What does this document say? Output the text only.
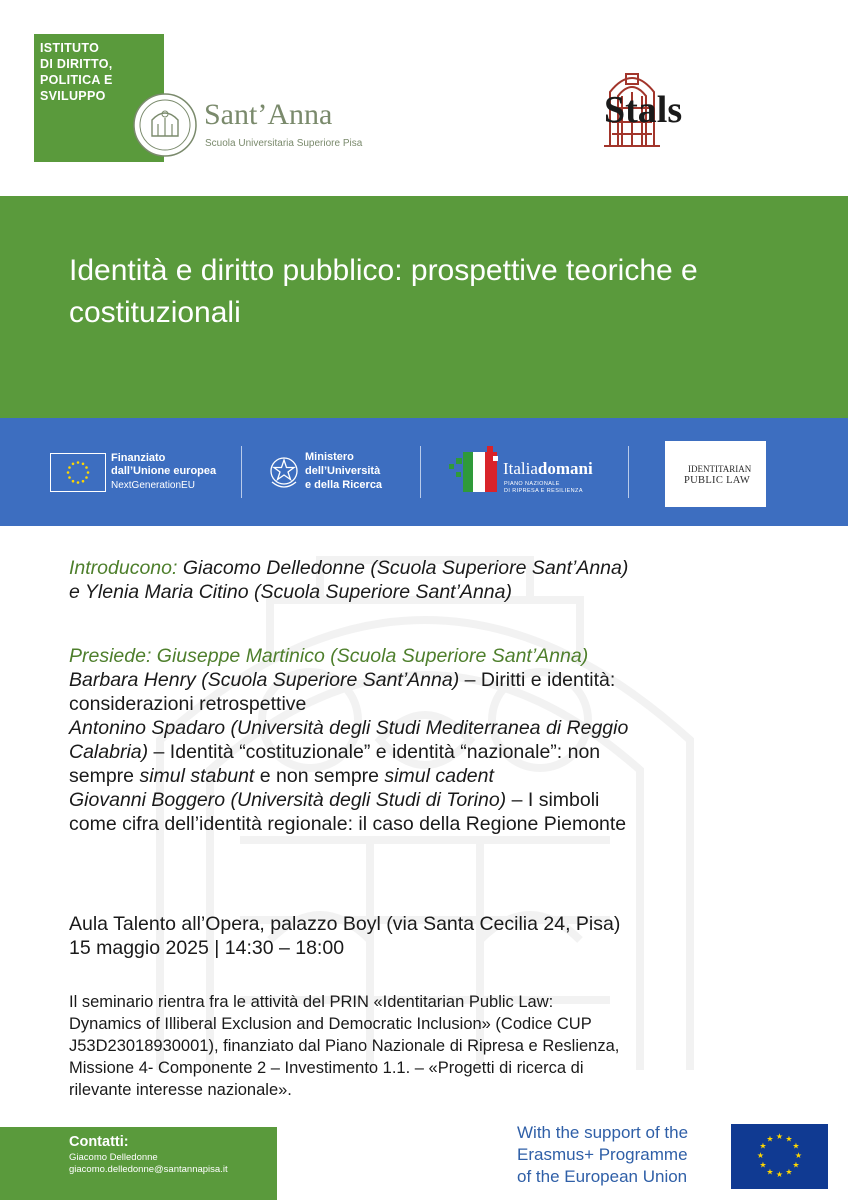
ISTITUTO
DI DIRITTO,
POLITICA E
SVILUPPO
Sant’Anna
Scuola Universitaria Superiore Pisa
Stals
Identità e diritto pubblico: prospettive teoriche e costituzionali
Finanziato
dall’Unione europea
NextGenerationEU
Ministero
dell’Università
e della Ricerca
Italiadomani
PIANO NAZIONALE
DI RIPRESA E RESILIENZA
IDENTITARIAN
PUBLIC LAW
Introducono: Giacomo Delledonne (Scuola Superiore Sant’Anna)
e Ylenia Maria Citino (Scuola Superiore Sant’Anna)
Presiede: Giuseppe Martinico (Scuola Superiore Sant’Anna)
Barbara Henry (Scuola Superiore Sant’Anna) – Diritti e identità:
considerazioni retrospettive
Antonino Spadaro (Università degli Studi Mediterranea di Reggio
Calabria) – Identità “costituzionale” e identità “nazionale”: non
sempre simul stabunt e non sempre simul cadent
Giovanni Boggero (Università degli Studi di Torino) – I simboli
come cifra dell’identità regionale: il caso della Regione Piemonte
Aula Talento all’Opera, palazzo Boyl (via Santa Cecilia 24, Pisa)
15 maggio 2025 | 14:30 – 18:00
Il seminario rientra fra le attività del PRIN «Identitarian Public Law:
Dynamics of Illiberal Exclusion and Democratic Inclusion» (Codice CUP
J53D23018930001), finanziato dal Piano Nazionale di Ripresa e Reslienza,
Missione 4- Componente 2 – Investimento 1.1. – «Progetti di ricerca di
rilevante interesse nazionale».
Contatti:
Giacomo Delledonne
giacomo.delledonne@santannapisa.it
With the support of the
Erasmus+ Programme
of the European Union
★ ★
★
★
★
★
★
★
★
★
★
★
